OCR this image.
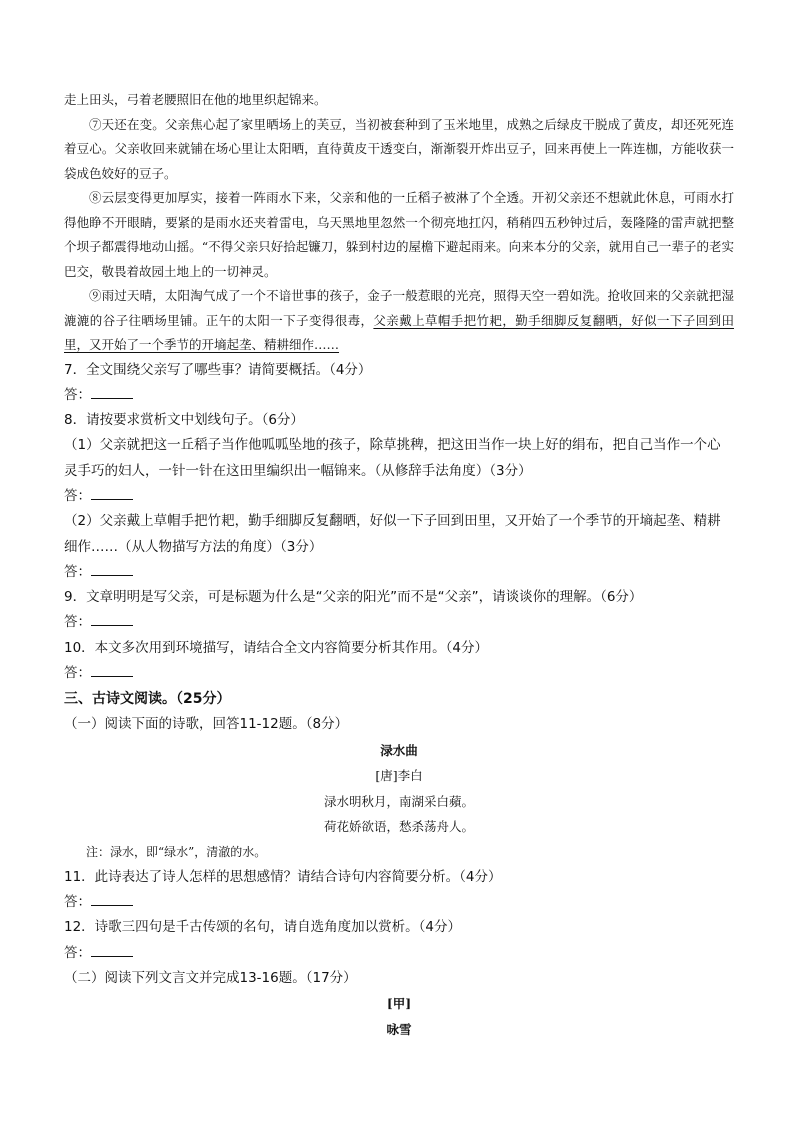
走上田头，弓着老腰照旧在他的地里织起锦来。

⑦天还在变。父亲焦心起了家里晒场上的芙豆，当初被套种到了玉米地里，成熟之后绿皮干脱成了黄皮，却还死死连着豆心。父亲收回来就铺在场心里让太阳晒，直待黄皮干透变白，渐渐裂开炸出豆子，回来再使上一阵连枷，方能收获一袋成色姣好的豆子。

⑧云层变得更加厚实，接着一阵雨水下来，父亲和他的一丘稻子被淋了个全透。开初父亲还不想就此休息，可雨水打得他睁不开眼睛，要紧的是雨水还夹着雷电，乌天黑地里忽然一个彻亮地扛闪，稍稍四五秒钟过后，轰隆隆的雷声就把整个坝子都震得地动山摇。“不得父亲只好拾起镰刀，躲到村边的屋檐下避起雨来。向来本分的父亲，就用自己一辈子的老实巴交，敬畏着故园土地上的一切神灵。

⑨雨过天晴，太阳淘气成了一个不谙世事的孩子，金子一般惹眼的光亮，照得天空一碧如洗。抢收回来的父亲就把湿漉漉的谷子往晒场里铺。正午的太阳一下子变得很毒，父亲戴上草帽手把竹耙，勤手细脚反复翻晒，好似一下子回到田里，又开始了一个季节的开墒起垄、精耕细作……

7．全文围绕父亲写了哪些事？请简要概括。（4分）

答：

8．请按要求赏析文中划线句子。（6分）

（1）父亲就把这一丘稻子当作他呱呱坠地的孩子，除草挑稗，把这田当作一块上好的绢布，把自己当作一个心灵手巧的妇人，一针一针在这田里编织出一幅锦来。（从修辞手法角度）（3分）

答：

（2）父亲戴上草帽手把竹耙，勤手细脚反复翻晒，好似一下子回到田里，又开始了一个季节的开墒起垄、精耕细作……（从人物描写方法的角度）（3分）

答：

9．文章明明是写父亲，可是标题为什么是“父亲的阳光”而不是“父亲”，请谈谈你的理解。（6分）

答：

10．本文多次用到环境描写，请结合全文内容简要分析其作用。（4分）

答：

三、古诗文阅读。（25分）

（一）阅读下面的诗歌，回答11-12题。（8分）

渌水曲
[唐]李白
渌水明秋月，南湖采白蘋。
荷花娇欲语，愁杀荡舟人。
注：渌水，即“绿水”，清澈的水。

11．此诗表达了诗人怎样的思想感情？请结合诗句内容简要分析。（4分）

答：

12．诗歌三四句是千古传颂的名句，请自选角度加以赏析。（4分）

答：

（二）阅读下列文言文并完成13-16题。（17分）

[甲]
咏雪
